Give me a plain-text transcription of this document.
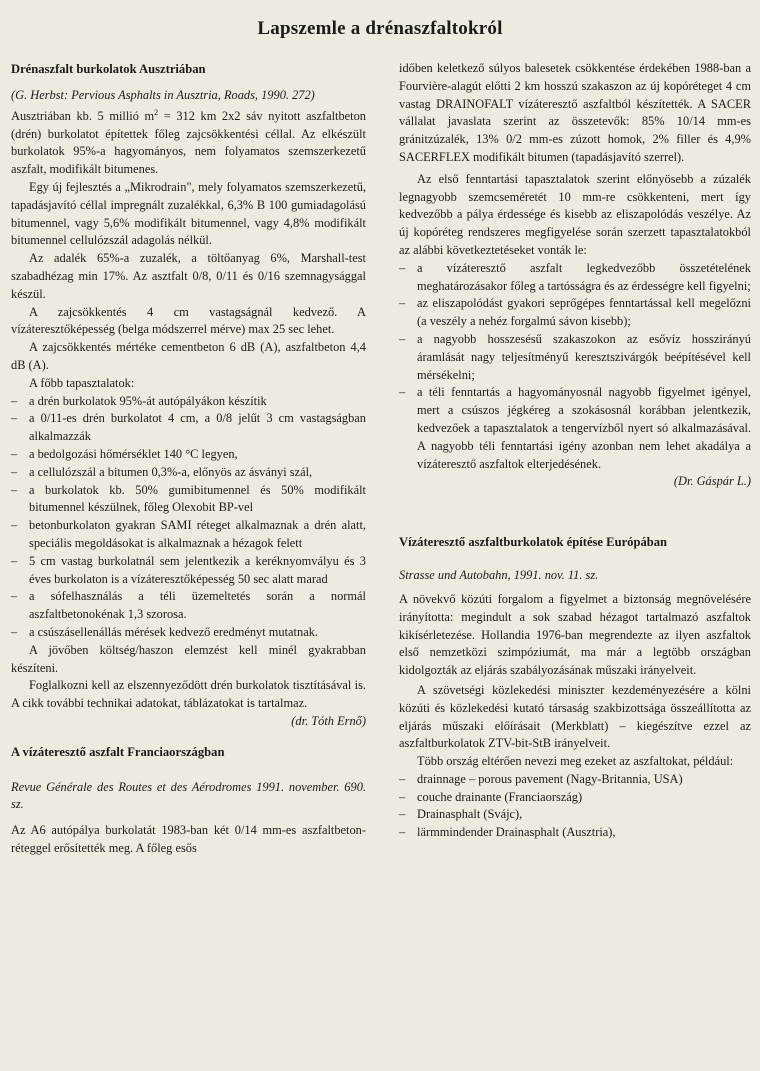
Lapszemle a drénaszfaltokról
Drénaszfalt burkolatok Ausztriában

(G. Herbst: Pervious Asphalts in Ausztria, Roads, 1990. 272)

Ausztriában kb. 5 millió $m^2 = 312$ km 2x2 sáv nyitott aszfaltbeton (drén) burkolatot építettek főleg zajcsökkentési céllal. Az elkészült burkolatok 95%-a hagyományos, nem folyamatos szemszerkezetű aszfalt, modifikált bitumenes.

Egy új fejlesztés a „Mikrodrain", mely folyamatos szemszerkezetű, tapadásjavító céllal impregnált zuzalékkal, 6,3% B 100 gumiadagolású bitumennel, vagy 5,6% modifikált bitumennel, vagy 4,8% modifikált bitumennel cellulózszál adagolás nélkül.

Az adalék 65%-a zuzalék, a töltőanyag 6%, Marshall-test szabadhézag min 17%. Az asztfalt 0/8, 0/11 és 0/16 szemnagysággal készül.

A zajcsökkentés 4 cm vastagságnál kedvező. A vízáteresztőképesség (belga módszerrel mérve) max 25 sec lehet.

A zajcsökkentés mértéke cementbeton 6 dB (A), aszfaltbeton 4,4 dB (A).

A főbb tapasztalatok:

– a drén burkolatok 95%-át autópályákon készítik

– a 0/11-es drén burkolatot 4 cm, a 0/8 jelűt 3 cm vastagságban alkalmazzák

– a bedolgozási hőmérséklet 140 °C legyen,

– a cellulózszál a bitumen 0,3%-a, előnyös az ásványi szál,

– a burkolatok kb. 50% gumibitumennel és 50% modifikált bitumennel készülnek, főleg Olexobit BP-vel

– betonburkolaton gyakran SAMI réteget alkalmaznak a drén alatt, speciális megoldásokat is alkalmaznak a hézagok felett

– 5 cm vastag burkolatnál sem jelentkezik a keréknyomvályu és 3 éves burkolaton is a vízáteresztőképesség 50 sec alatt marad

– a sófelhasználás a téli üzemeltetés során a normál aszfaltbetonokénak 1,3 szorosa.

– a csúszásellenállás mérések kedvező eredményt mutatnak.

A jövőben költség/haszon elemzést kell minél gyakrabban készíteni.

Foglalkozni kell az elszennyeződött drén burkolatok tisztításával is. A cikk további technikai adatokat, táblázatokat is tartalmaz.

(dr. Tóth Ernő)

A vízáteresztő aszfalt Franciaországban

Revue Générale des Routes et des Aérodromes 1991. november. 690. sz.

Az A6 autópálya burkolatát 1983-ban két 0/14 mm-es aszfaltbeton-réteggel erősítették meg. A főleg esős

időben keletkező súlyos balesetek csökkentése érdekében 1988-ban a Fourvière-alagút előtti 2 km hosszú szakaszon az új kopóréteget 4 cm vastag DRAINOFALT vízáteresztő aszfaltból készítették. A SACER vállalat javaslata szerint az összetevők: 85% 10/14 mm-es gránitzúzalék, 13% 0/2 mm-es zúzott homok, 2% filler és 4,9% SACERFLEX modifikált bitumen (tapadásjavító szerrel).

Az első fenntartási tapasztalatok szerint előnyösebb a zúzalék legnagyobb szemcseméretét 10 mm-re csökkenteni, mert így kedvezőbb a pálya érdessége és kisebb az eliszapolódás veszélye. Az új kopóréteg rendszeres megfigyelése során szerzett tapasztalatokból az alábbi következtetéseket vonták le:

– a vízáteresztő aszfalt legkedvezőbb összetételének meghatározásakor főleg a tartósságra és az érdességre kell figyelni;

– az eliszapolódást gyakori seprőgépes fenntartással kell megelőzni (a veszély a nehéz forgalmú sávon kisebb);

– a nagyobb hosszesésű szakaszokon az esővíz hosszirányú áramlását nagy teljesítményű keresztszivárgók beépítésével kell mérsékelni;

– a téli fenntartás a hagyományosnál nagyobb figyelmet igényel, mert a csúszos jégkéreg a szokásosnál korábban jelentkezik, kedvezőek a tapasztalatok a tengervízből nyert só alkalmazásával. A nagyobb téli fenntartási igény azonban nem lehet akadálya a vízáteresztő aszfaltok elterjedésének.

(Dr. Gáspár L.)

Vízáteresztő aszfaltburkolatok építése Európában

Strasse und Autobahn, 1991. nov. 11. sz.

A növekvő közúti forgalom a figyelmet a biztonság megnövelésére irányította: megindult a sok szabad hézagot tartalmazó aszfaltok kikísérletezése. Hollandia 1976-ban megrendezte az ilyen aszfaltok első nemzetközi szimpóziumát, ma már a legtöbb országban kidolgozták az eljárás szabályozásának műszaki irányelveit.

A szövetségi közlekedési miniszter kezdeményezésére a kölni közúti és közlekedési kutató társaság szakbizottsága összeállította az eljárás műszaki előírásait (Merkblatt) – kiegészítve ezzel az aszfaltburkolatok ZTV-bit-StB irányelveit.

Több ország eltérően nevezi meg ezeket az aszfaltokat, például:

– drainnage – porous pavement (Nagy-Britannia, USA)

– couche drainante (Franciaország)

– Drainasphalt (Svájc),

– lärmmindender Drainasphalt (Ausztria),
